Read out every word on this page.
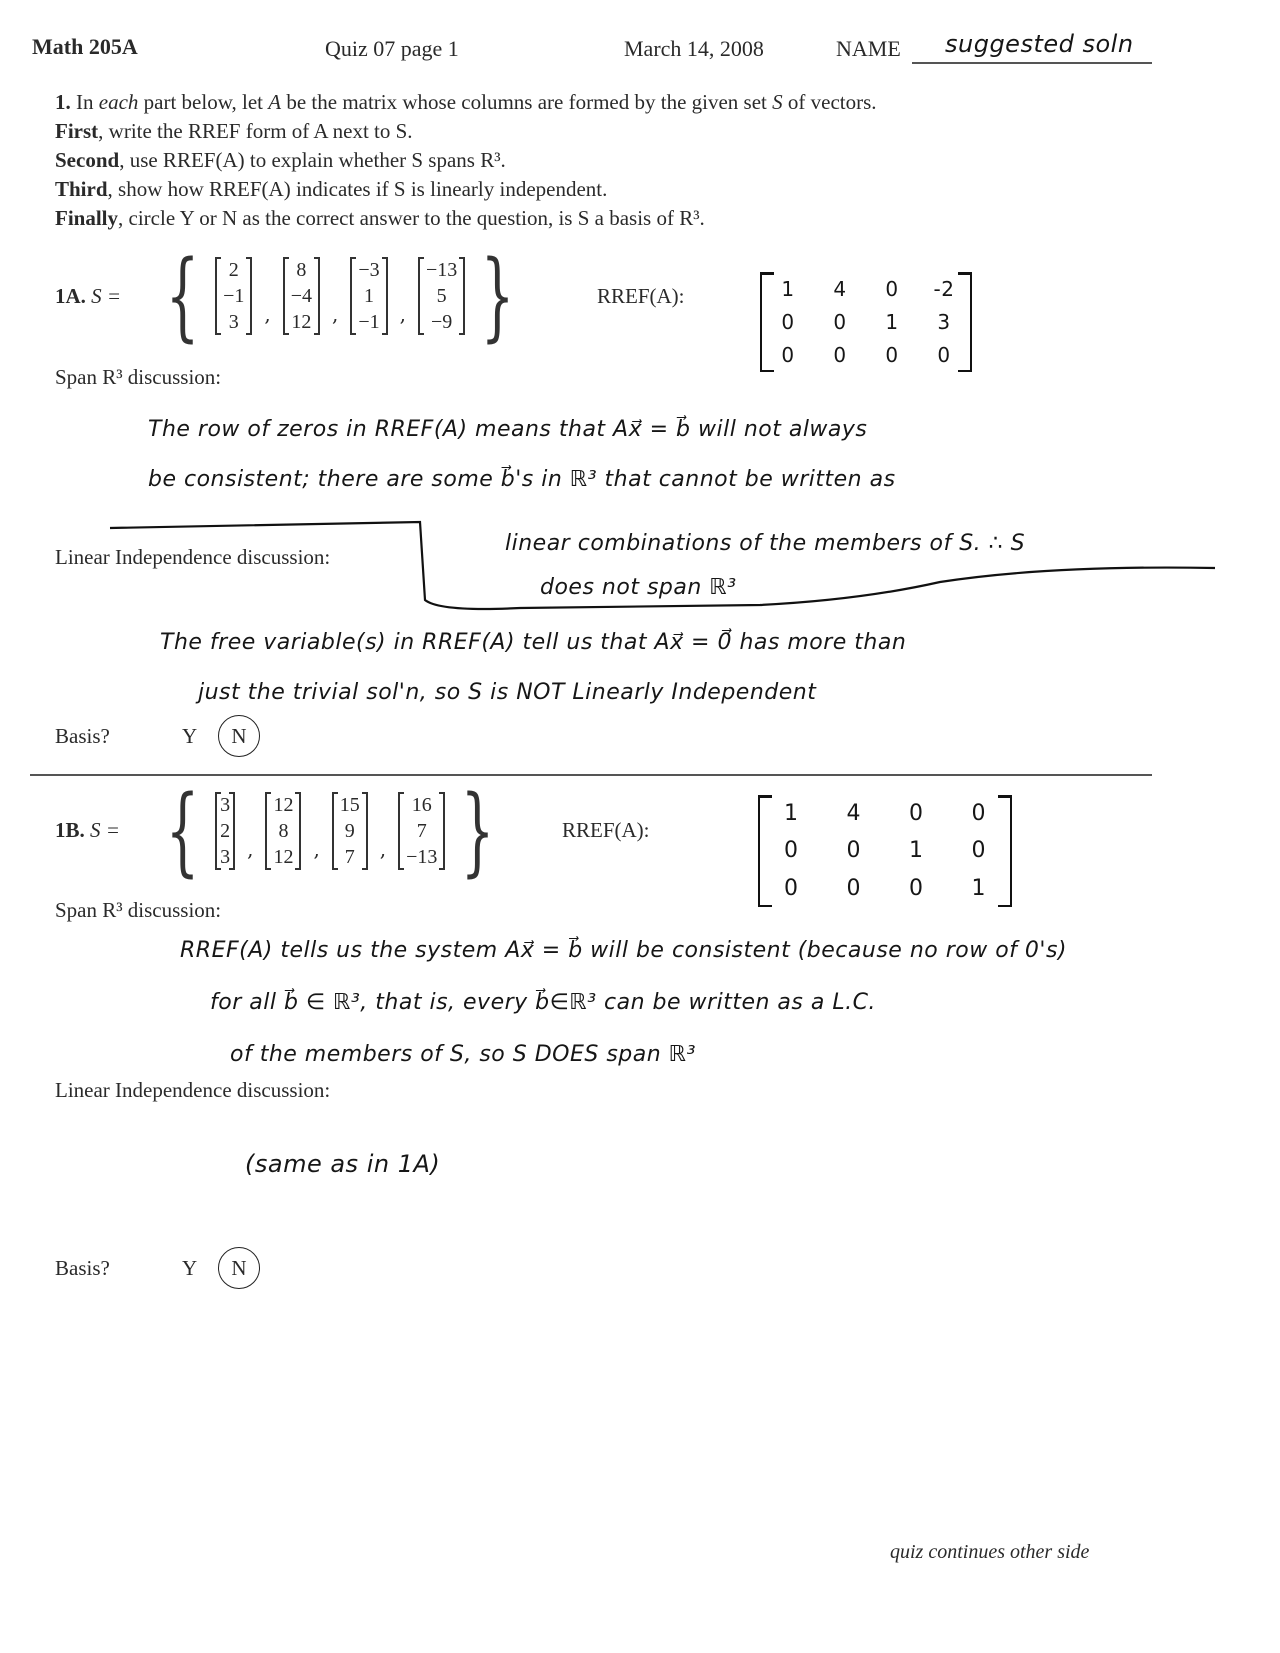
Math 205A	Quiz 07 page 1	March 14, 2008	NAME suggested soln
1. In each part below, let A be the matrix whose columns are formed by the given set S of vectors.
First, write the RREF form of A next to S.
Second, use RREF(A) to explain whether S spans R³.
Third, show how RREF(A) indicates if S is linearly independent.
Finally, circle Y or N as the correct answer to the question, is S a basis of R³.
1A. S = { 2
−1
3 ,
8
−4
12 ,
−3
1
−1 ,
−13
5
−9 }	RREF(A):	1 4 0 -2
0 0 1 3
0 0 0 0
Span R³ discussion:
The row of zeros in RREF(A) means that Ax⃗ = b⃗ will not always
be consistent; there are some b⃗'s in ℝ³ that cannot be written as
linear combinations of the members of S. ∴ S
does not span ℝ³
Linear Independence discussion:
The free variable(s) in RREF(A) tell us that Ax⃗ = 0⃗ has more than
just the trivial sol'n, so S is NOT Linearly Independent
Basis?	Y	N
1B. S = { 3
2
3 ,
12
8
12 ,
15
9
7 ,
16
7
−13 }	RREF(A):
1 4 0 0
0 0 1 0
0 0 0 1
Span R³ discussion:
RREF(A) tells us the system Ax⃗ = b⃗ will be consistent (because no row of 0's)
for all b⃗ ∈ ℝ³, that is, every b⃗∈ℝ³ can be written as a L.C.
of the members of S, so S DOES span ℝ³
Linear Independence discussion:
(same as in 1A)
Basis?	Y	N
quiz continues other side
